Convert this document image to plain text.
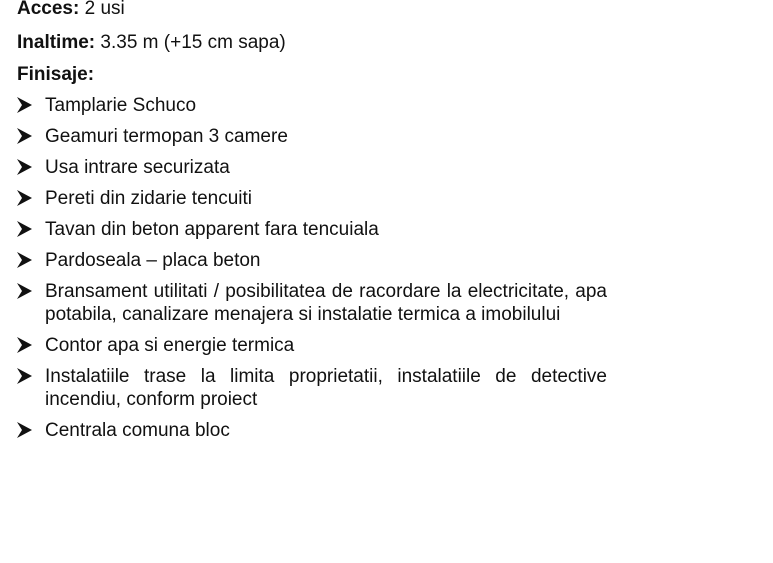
Acces: 2 usi
Inaltime: 3.35 m (+15 cm sapa)
Finisaje:
Tamplarie Schuco
Geamuri termopan 3 camere
Usa intrare securizata
Pereti din zidarie tencuiti
Tavan din beton apparent fara tencuiala
Pardoseala – placa beton
Bransament utilitati / posibilitatea de racordare la electricitate, apa potabila, canalizare menajera si instalatie termica a imobilului
Contor apa si energie termica
Instalatiile trase la limita proprietatii, instalatiile de detective incendiu, conform proiect
Centrala comuna bloc
